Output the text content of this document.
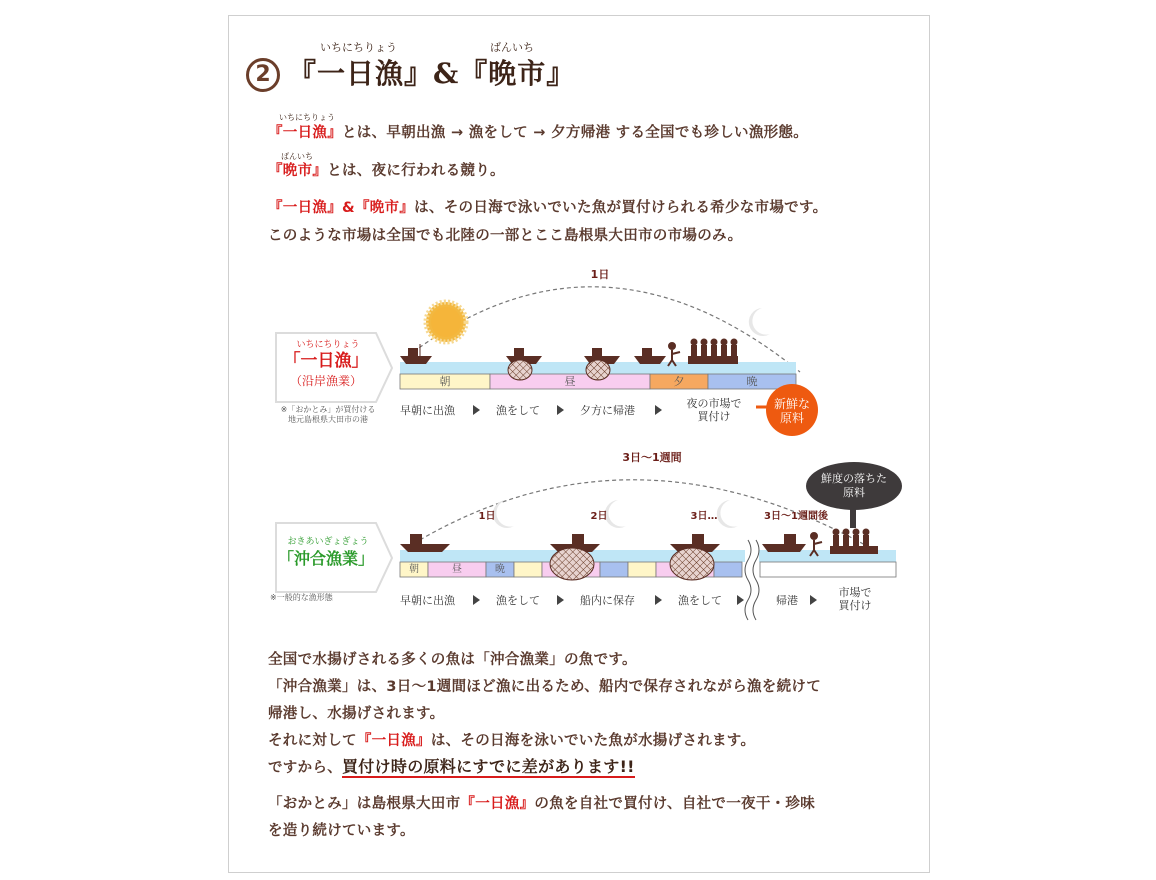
2
いちにちりょう	ばんいち
『一日漁』&『晩市』
いちにちりょう
『一日漁』とは、早朝出漁 → 漁をして → 夕方帰港 する全国でも珍しい漁形態。
ばんいち
『晩市』とは、夜に行われる競り。
『一日漁』&『晩市』は、その日海で泳いでいた魚が買付けられる希少な市場です。
このような市場は全国でも北陸の一部とここ島根県大田市の市場のみ。
1日
いちにちりょう
「一日漁」
（沿岸漁業）
※「おかとみ」が買付ける
地元島根県大田市の港
朝	昼	夕	晩
早朝に出漁	漁をして	夕方に帰港
夜の市場で
買付け
新鮮な
原料
3日〜1週間
1日	2日	3日…	3日〜1週間後
おきあいぎょぎょう
「沖合漁業」
※一般的な漁形態
朝	昼	晩
早朝に出漁	漁をして	船内に保存	漁をして	帰港
市場で
買付け
鮮度の落ちた
原料
全国で水揚げされる多くの魚は「沖合漁業」の魚です。
「沖合漁業」は、3日〜1週間ほど漁に出るため、船内で保存されながら漁を続けて
帰港し、水揚げされます。
それに対して『一日漁』は、その日海を泳いでいた魚が水揚げされます。
ですから、買付け時の原料にすでに差があります!!
「おかとみ」は島根県大田市『一日漁』の魚を自社で買付け、自社で一夜干・珍味
を造り続けています。
